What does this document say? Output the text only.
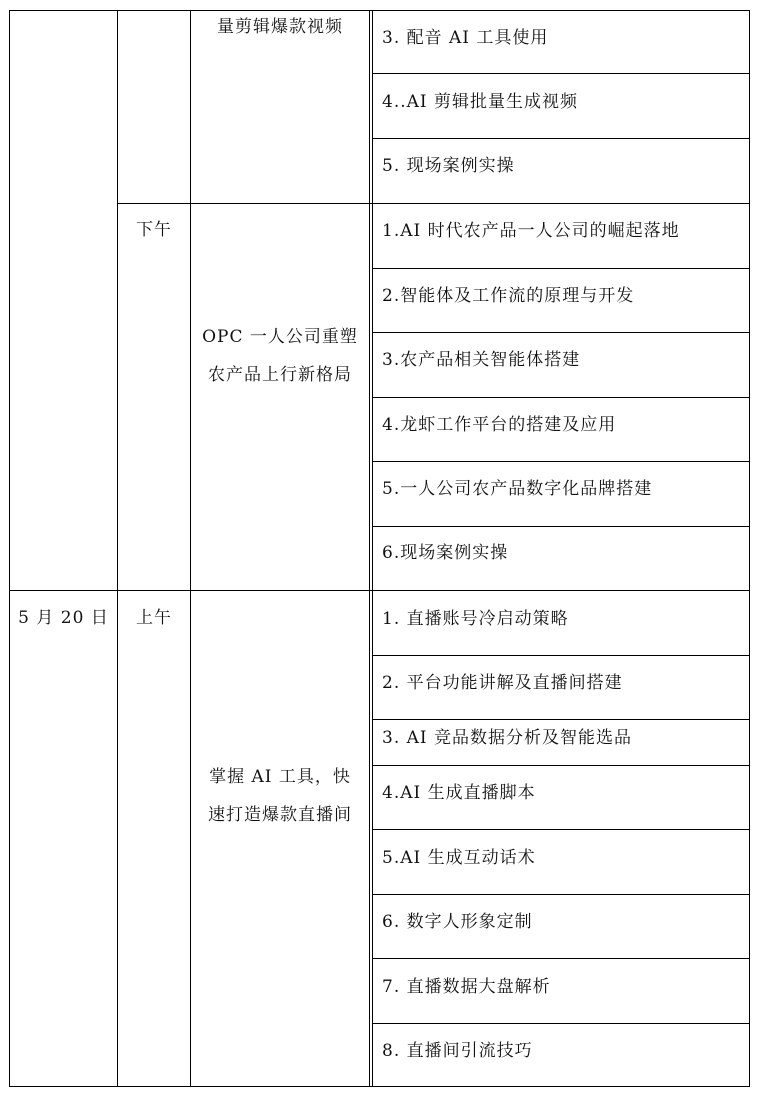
量剪辑爆款视频
3. 配音 AI 工具使用
4..AI 剪辑批量生成视频
5. 现场案例实操
下午
OPC 一人公司重塑
农产品上行新格局
1.AI 时代农产品一人公司的崛起落地
2.智能体及工作流的原理与开发
3.农产品相关智能体搭建
4.龙虾工作平台的搭建及应用
5.一人公司农产品数字化品牌搭建
6.现场案例实操
5 月 20 日	上午
掌握 AI 工具，快
速打造爆款直播间
1. 直播账号冷启动策略
2. 平台功能讲解及直播间搭建
3. AI 竞品数据分析及智能选品
4.AI 生成直播脚本
5.AI 生成互动话术
6. 数字人形象定制
7. 直播数据大盘解析
8. 直播间引流技巧
